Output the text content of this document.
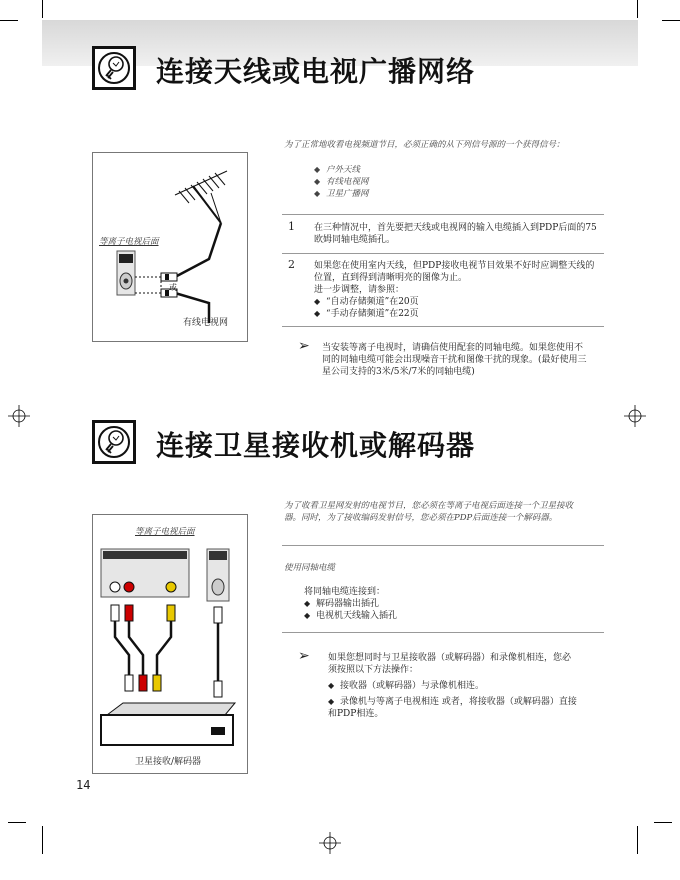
连接天线或电视广播网络
为了正常地收看电视频道节目，必须正确的从下列信号源的一个获得信号：
◆ 户外天线
◆ 有线电视网
◆ 卫星广播网
1 在三种情况中，首先要把天线或电视网的输入电缆插入到PDP后面的75欧姆同轴电缆插孔。
2 如果您在使用室内天线，但PDP接收电视节目效果不好时应调整天线的位置，直到得到清晰明亮的图像为止。
进一步调整，请参照：
◆ “自动存储频道”在20页
◆ “手动存储频道”在22页
➢ 当安装等离子电视时，请确信使用配套的同轴电缆。如果您使用不同的同轴电缆可能会出现噪音干扰和图像干扰的现象。(最好使用三星公司支持的3米/5米/7米的同轴电缆)
等离子电视后面
或
有线电视网
连接卫星接收机或解码器
为了收看卫星网发射的电视节目，您必须在等离子电视后面连接一个卫星接收器。同时，为了接收编码发射信号，您必须在PDP后面连接一个解码器。
使用同轴电缆
将同轴电缆连接到：
◆ 解码器输出插孔
◆ 电视机天线输入插孔
➢ 如果您想同时与卫星接收器（或解码器）和录像机相连，您必须按照以下方法操作：
◆ 接收器（或解码器）与录像机相连。
◆ 录像机与等离子电视相连 或者，将接收器（或解码器）直接和PDP相连。
等离子电视后面
卫星接收/解码器
14
